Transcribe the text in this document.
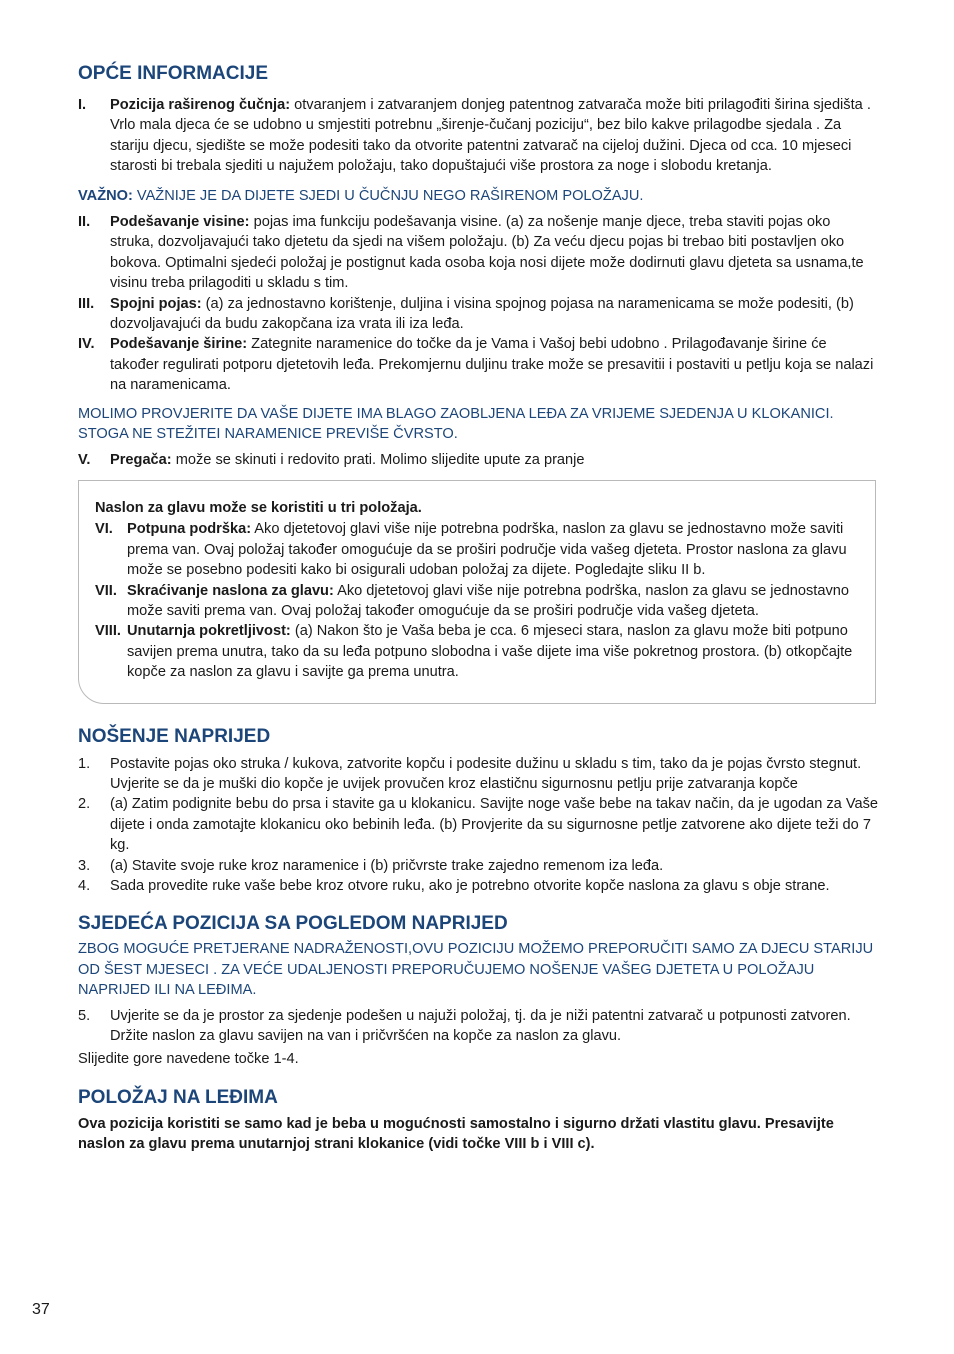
OPĆE INFORMACIJE
I. Pozicija raširenog čučnja: otvaranjem i zatvaranjem donjeg patentnog zatvarača može biti prilagođiti širina sjedišta . Vrlo mala djeca će se udobno u smjestiti potrebnu „širenje-čučanj poziciju“, bez bilo kakve prilagodbe sjedala . Za stariju djecu, sjedište se može podesiti tako da otvorite patentni zatvarač na cijeloj dužini. Djeca od cca. 10 mjeseci starosti bi trebala sjediti u najužem položaju, tako dopuštajući više prostora za noge i slobodu kretanja.

VAŽNO: VAŽNIJE JE DA DIJETE SJEDI U ČUČNJU NEGO RAŠIRENOM POLOŽAJU.

II. Podešavanje visine: pojas ima funkciju podešavanja visine. (a) za nošenje manje djece, treba staviti pojas oko struka, dozvoljavajući tako djetetu da sjedi na višem položaju. (b) Za veću djecu pojas bi trebao biti postavljen oko bokova. Optimalni sjedeći položaj je postignut kada osoba koja nosi dijete može dodirnuti glavu djeteta sa usnama,te visinu treba prilagoditi u skladu s tim.
III. Spojni pojas: (a) za jednostavno korištenje, duljina i visina spojnog pojasa na naramenicama se može podesiti, (b) dozvoljavajući da budu zakopčana iza vrata ili iza leđa.
IV. Podešavanje širine: Zategnite naramenice do točke da je Vama i Vašoj bebi udobno . Prilagođavanje širine će također regulirati potporu djetetovih leđa. Prekomjernu duljinu trake može se presavitii i postaviti u petlju koja se nalazi na naramenicama.

MOLIMO PROVJERITE DA VAŠE DIJETE IMA BLAGO ZAOBLJENA LEĐA ZA VRIJEME SJEDENJA U KLOKANICI. STOGA NE STEŽITEI NARAMENICE PREVIŠE ČVRSTO.

V. Pregača: može se skinuti i redovito prati. Molimo slijedite upute za pranje

Naslon za glavu može se koristiti u tri položaja.

VI. Potpuna podrška: Ako djetetovoj glavi više nije potrebna podrška, naslon za glavu se jednostavno može saviti prema van. Ovaj položaj također omogućuje da se proširi područje vida vašeg djeteta. Prostor naslona za glavu može se posebno podesiti kako bi osigurali udoban položaj za dijete. Pogledajte sliku II b.
VII. Skraćivanje naslona za glavu: Ako djetetovoj glavi više nije potrebna podrška, naslon za glavu se jednostavno može saviti prema van. Ovaj položaj također omogućuje da se proširi područje vida vašeg djeteta.
VIII. Unutarnja pokretljivost: (a) Nakon što je Vaša beba je cca. 6 mjeseci stara, naslon za glavu može biti potpuno savijen prema unutra, tako da su leđa potpuno slobodna i vaše dijete ima više pokretnog prostora. (b) otkopčajte kopče za naslon za glavu i savijte ga prema unutra.
NOŠENJE NAPRIJED
1. Postavite pojas oko struka / kukova, zatvorite kopču i podesite dužinu u skladu s tim, tako da je pojas čvrsto stegnut. Uvjerite se da je muški dio kopče je uvijek provučen kroz elastičnu sigurnosnu petlju prije zatvaranja kopče
2. (a) Zatim podignite bebu do prsa i stavite ga u klokanicu. Savijte noge vaše bebe na takav način, da je ugodan za Vaše dijete i onda zamotajte klokanicu oko bebinih leđa. (b) Provjerite da su sigurnosne petlje zatvorene ako dijete teži do 7 kg.
3. (a) Stavite svoje ruke kroz naramenice i (b) pričvrste trake zajedno remenom iza leđa.
4. Sada provedite ruke vaše bebe kroz otvore ruku, ako je potrebno otvorite kopče naslona za glavu s obje strane.
SJEDEĆA POZICIJA SA POGLEDOM NAPRIJED

ZBOG MOGUĆE PRETJERANE NADRAŽENOSTI,OVU POZICIJU MOŽEMO PREPORUČITI SAMO ZA DJECU STARIJU OD ŠEST MJESECI . ZA VEĆE UDALJENOSTI PREPORUČUJEMO NOŠENJE VAŠEG DJETETA U POLOŽAJU NAPRIJED ILI NA LEĐIMA.

5. Uvjerite se da je prostor za sjedenje podešen u najuži položaj, tj. da je niži patentni zatvarač u potpunosti zatvoren. Držite naslon za glavu savijen na van i pričvršćen na kopče za naslon za glavu.

Slijedite gore navedene točke 1-4.

POLOŽAJ NA LEĐIMA

Ova pozicija koristiti se samo kad je beba u mogućnosti samostalno i sigurno držati vlastitu glavu. Presavijte naslon za glavu prema unutarnjoj strani klokanice (vidi točke VIII b i VIII c).

37
